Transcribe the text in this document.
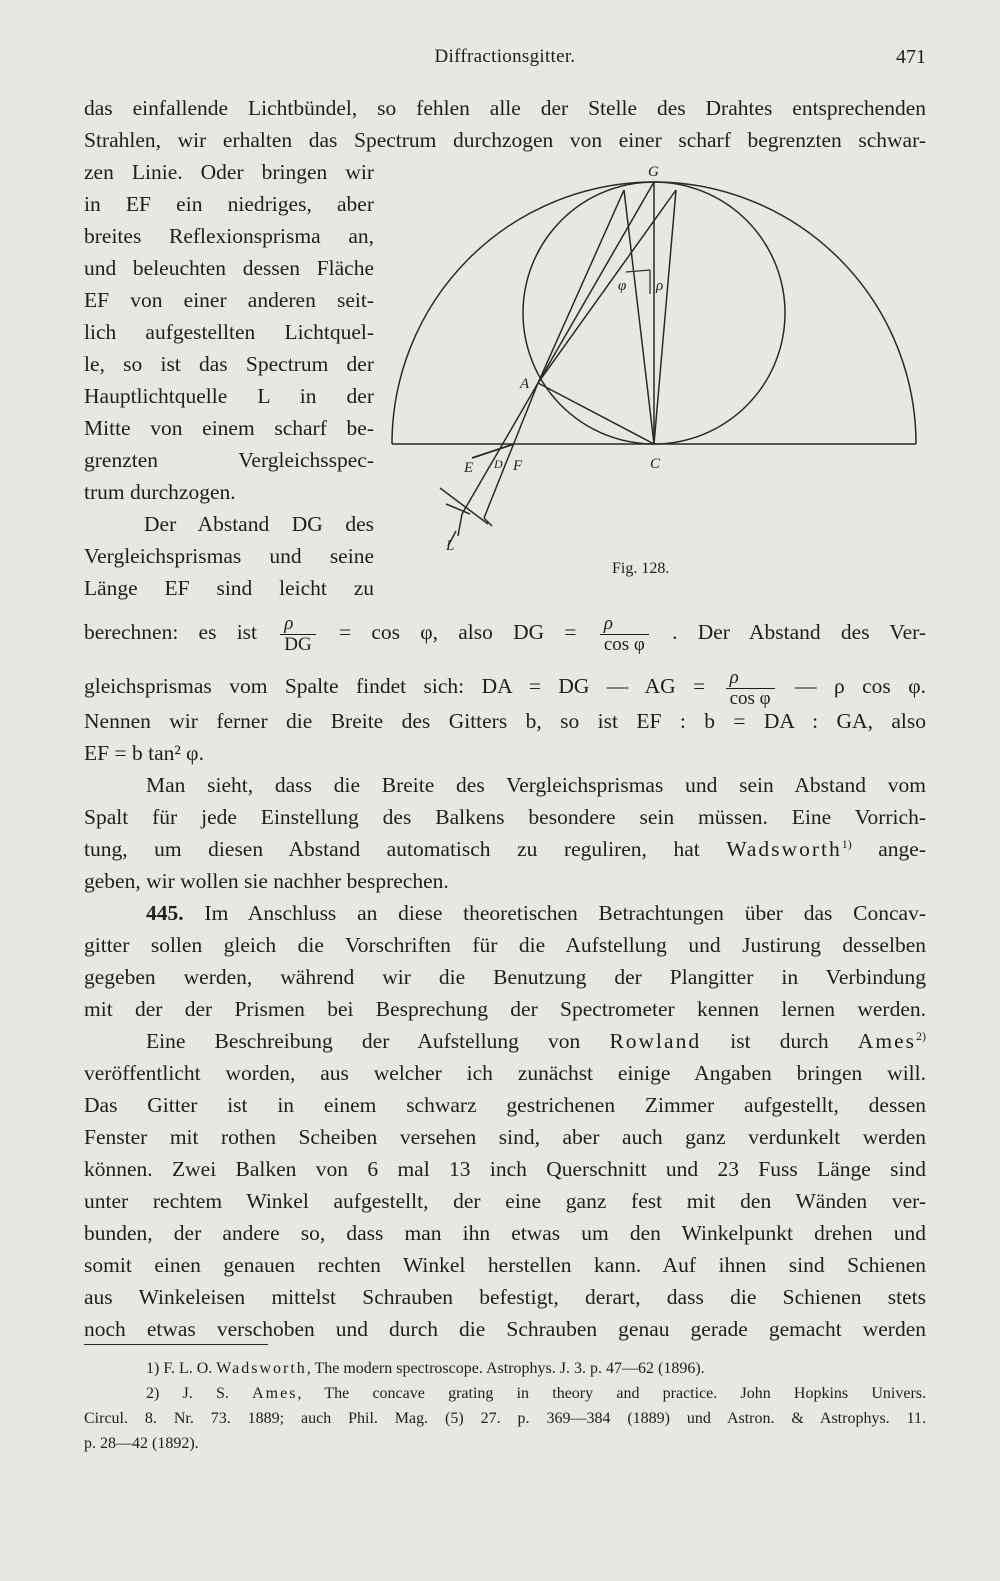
Diffractionsgitter.	471
das einfallende Lichtbündel, so fehlen alle der Stelle des Drahtes entsprechenden
Strahlen, wir erhalten das Spectrum durchzogen von einer scharf begrenzten schwar-
zen Linie. Oder bringen wir
in EF ein niedriges, aber
breites Reflexionsprisma an,
und beleuchten dessen Fläche
EF von einer anderen seit-
lich aufgestellten Lichtquel-
le, so ist das Spectrum der
Hauptlichtquelle L in der
Mitte von einem scharf be-
grenzten Vergleichsspec-
trum durchzogen.
Der Abstand DG des
Vergleichsprismas und seine
Länge EF sind leicht zu
G
A
C
E D F
L
φ ρ
Fig. 128.
berechnen: es ist $\frac{\rho}{DG} = \cos \varphi$, also DG = $\frac{\rho}{\text{cos φ}}$ . Der Abstand des Ver-
gleichsprismas vom Spalte findet sich: DA = DG — AG = $\frac{\rho}{\text{cos φ}}$ — ρ cos φ.
Nennen wir ferner die Breite des Gitters b, so ist EF : b = DA : GA, also
EF = b tan² φ.
Man sieht, dass die Breite des Vergleichsprismas und sein Abstand vom
Spalt für jede Einstellung des Balkens besondere sein müssen. Eine Vorrich-
tung, um diesen Abstand automatisch zu reguliren, hat Wadsworth$^{1)}$ ange-
geben, wir wollen sie nachher besprechen.
445. Im Anschluss an diese theoretischen Betrachtungen über das Concav-
gitter sollen gleich die Vorschriften für die Aufstellung und Justirung desselben
gegeben werden, während wir die Benutzung der Plangitter in Verbindung
mit der der Prismen bei Besprechung der Spectrometer kennen lernen werden.
Eine Beschreibung der Aufstellung von Rowland ist durch Ames$^{2)}$
veröffentlicht worden, aus welcher ich zunächst einige Angaben bringen will.
Das Gitter ist in einem schwarz gestrichenen Zimmer aufgestellt, dessen
Fenster mit rothen Scheiben versehen sind, aber auch ganz verdunkelt werden
können. Zwei Balken von 6 mal 13 inch Querschnitt und 23 Fuss Länge sind
unter rechtem Winkel aufgestellt, der eine ganz fest mit den Wänden ver-
bunden, der andere so, dass man ihn etwas um den Winkelpunkt drehen und
somit einen genauen rechten Winkel herstellen kann. Auf ihnen sind Schienen
aus Winkeleisen mittelst Schrauben befestigt, derart, dass die Schienen stets
noch etwas verschoben und durch die Schrauben genau gerade gemacht werden
1) F. L. O. Wadsworth, The modern spectroscope. Astrophys. J. 3. p. 47—62 (1896).
2) J. S. Ames, The concave grating in theory and practice. John Hopkins Univers.
Circul. 8. Nr. 73. 1889; auch Phil. Mag. (5) 27. p. 369—384 (1889) und Astron. & Astrophys. 11.
p. 28—42 (1892).
